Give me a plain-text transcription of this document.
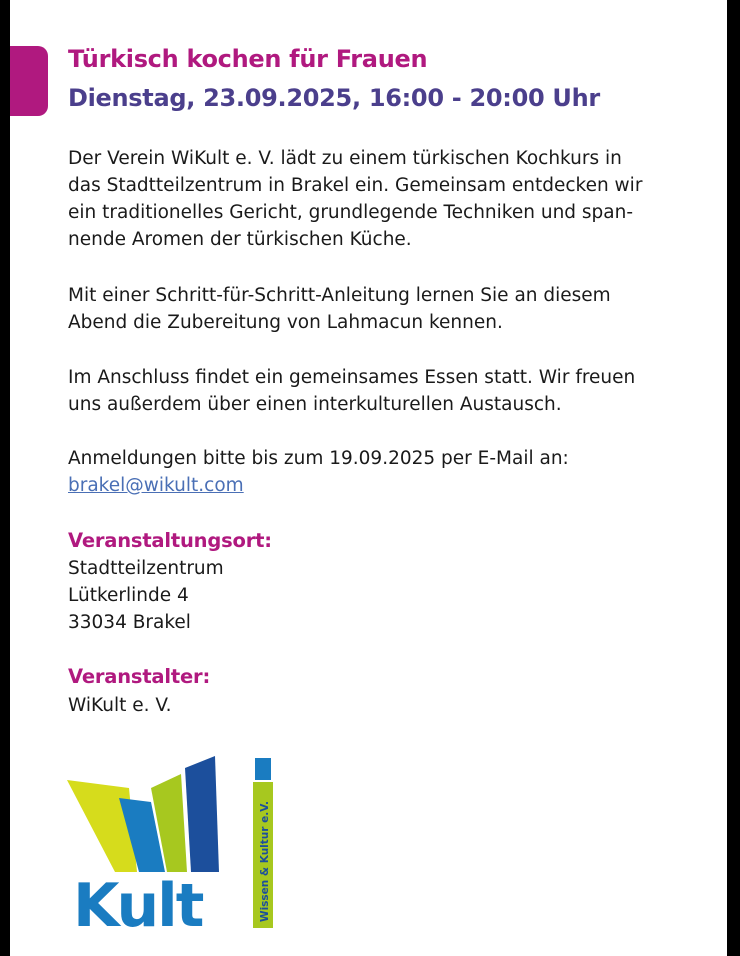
Türkisch kochen für Frauen
Dienstag, 23.09.2025, 16:00 - 20:00 Uhr

Der Verein WiKult e. V. lädt zu einem türkischen Kochkurs in
das Stadtteilzentrum in Brakel ein. Gemeinsam entdecken wir
ein traditionelles Gericht, grundlegende Techniken und span-
nende Aromen der türkischen Küche.

Mit einer Schritt-für-Schritt-Anleitung lernen Sie an diesem
Abend die Zubereitung von Lahmacun kennen.

Im Anschluss findet ein gemeinsames Essen statt. Wir freuen
uns außerdem über einen interkulturellen Austausch.

Anmeldungen bitte bis zum 19.09.2025 per E-Mail an:
brakel@wikult.com

Veranstaltungsort:

Stadtteilzentrum
Lütkerlinde 4
33034 Brakel

Veranstalter:

WiKult e. V.

Kult	Wissen & Kultur e.V.
